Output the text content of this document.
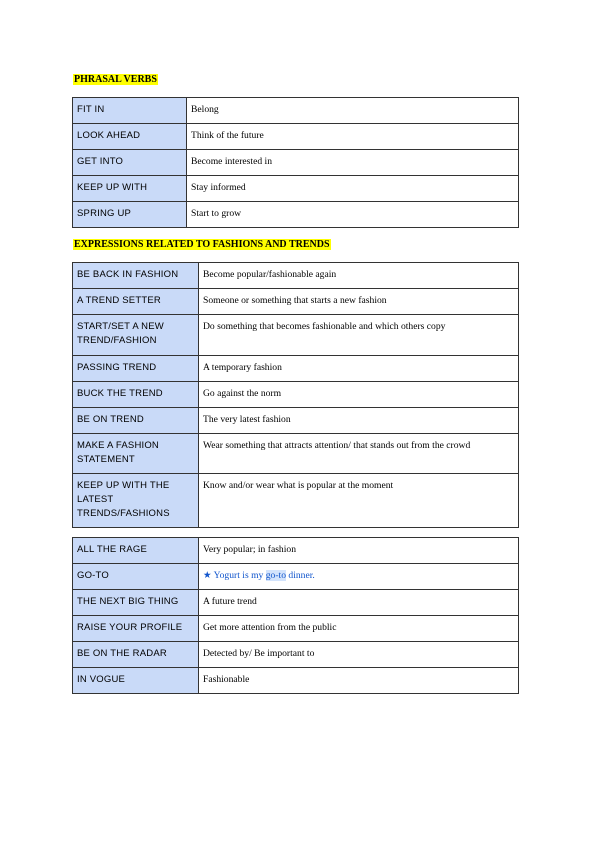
PHRASAL VERBS
FIT IN	Belong
LOOK AHEAD	Think of the future
GET INTO	Become interested in
KEEP UP WITH	Stay informed
SPRING UP	Start to grow
EXPRESSIONS RELATED TO FASHIONS AND TRENDS
BE BACK IN FASHION	Become popular/fashionable again
A TREND SETTER	Someone or something that starts a new fashion
START/SET A NEW TREND/FASHION	Do something that becomes fashionable and which others copy
PASSING TREND	A temporary fashion
BUCK THE TREND	Go against the norm
BE ON TREND	The very latest fashion
MAKE A FASHION STATEMENT	Wear something that attracts attention/ that stands out from the crowd
KEEP UP WITH THE LATEST TRENDS/FASHIONS	Know and/or wear what is popular at the moment
ALL THE RAGE	Very popular; in fashion
GO-TO	★ Yogurt is my go-to dinner.
THE NEXT BIG THING	A future trend
RAISE YOUR PROFILE	Get more attention from the public
BE ON THE RADAR	Detected by/ Be important to
IN VOGUE	Fashionable
